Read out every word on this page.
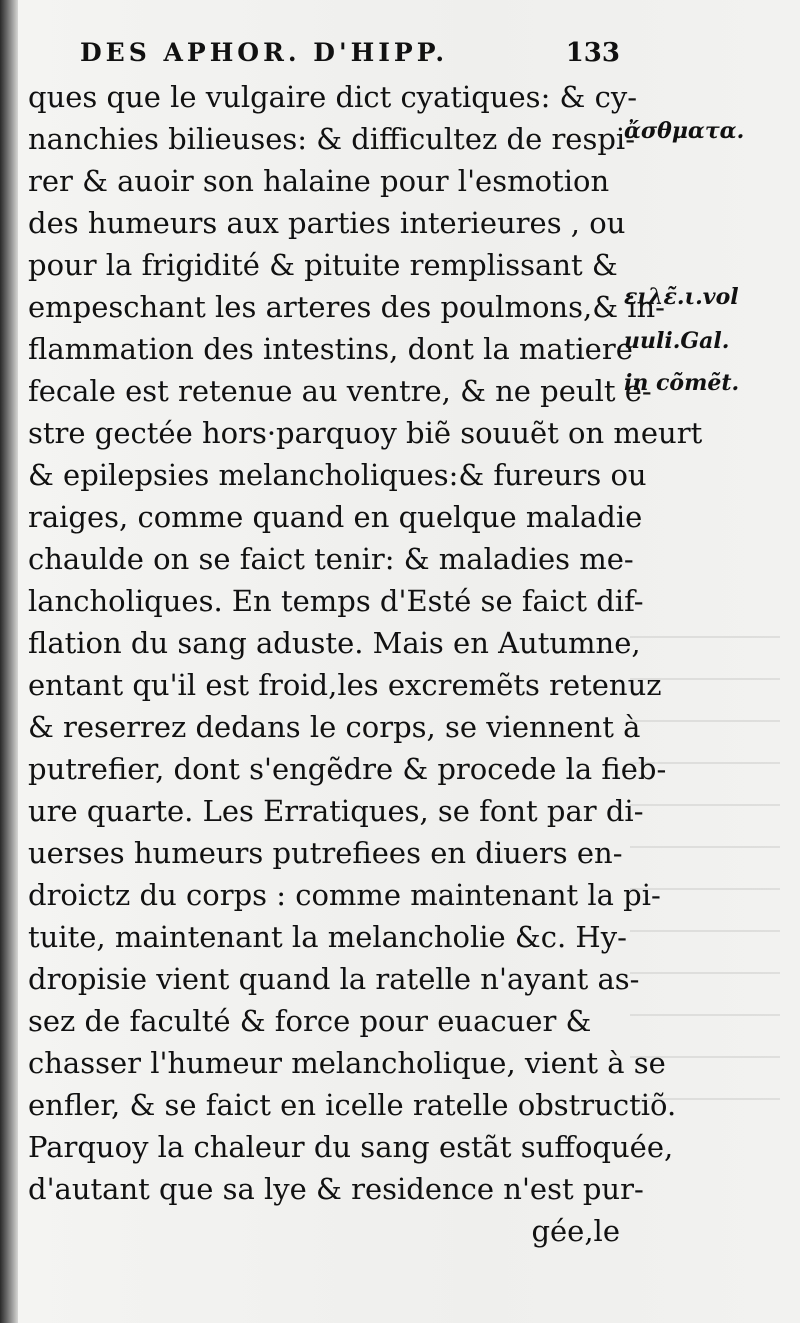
DES APHOR. D'HIPP.	133
ques que le vulgaire dict cyatiques: & cy-
nanchies bilieuses: & difficultez de respi-
rer & auoir son halaine pour l'esmotion
des humeurs aux parties interieures , ou
pour la frigidité & pituite remplissant &
empeschant les arteres des poulmons,& in-
flammation des intestins, dont la matiere
fecale est retenue au ventre, & ne peult e-
stre gectée hors·parquoy biẽ souuẽt on meurt
& epilepsies melancholiques:& fureurs ou
raiges, comme quand en quelque maladie
chaulde on se faict tenir: & maladies me-
lancholiques. En temps d'Esté se faict dif-
flation du sang aduste. Mais en Autumne,
entant qu'il est froid,les excremẽts retenuz
& reserrez dedans le corps, se viennent à
putrefier, dont s'engẽdre & procede la fieb-
ure quarte. Les Erratiques, se font par di-
uerses humeurs putrefiees en diuers en-
droictz du corps : comme maintenant la pi-
tuite, maintenant la melancholie &c. Hy-
dropisie vient quand la ratelle n'ayant as-
sez de faculté & force pour euacuer &
chasser l'humeur melancholique, vient à se
enfler, & se faict en icelle ratelle obstructiõ.
Parquoy la chaleur du sang estãt suffoquée,
d'autant que sa lye & residence n'est pur-
gée,le
ἄσθματα.
ειλε̃.ι.vol
uuli.Gal.
in cõmẽt.
